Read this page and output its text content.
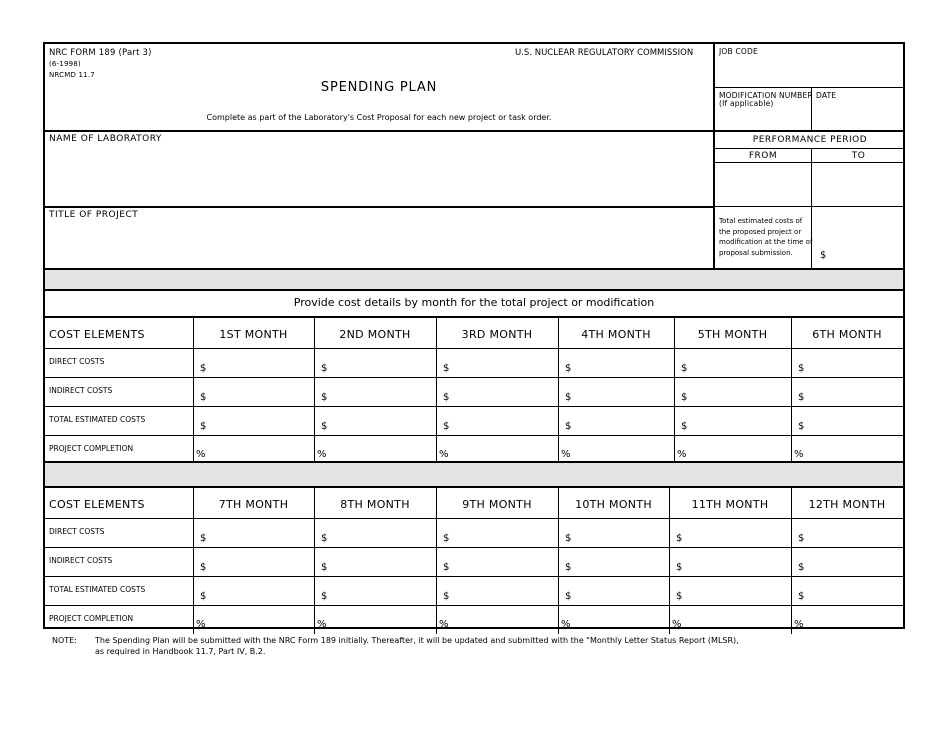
NRC FORM 189 (Part 3)
(6-1998)
NRCMD 11.7
U.S. NUCLEAR REGULATORY COMMISSION
SPENDING PLAN
Complete as part of the Laboratory's Cost Proposal for each new project or task order.
JOB CODE
MODIFICATION NUMBER
(If applicable)
DATE
NAME OF LABORATORY
TITLE OF PROJECT
PERFORMANCE PERIOD
FROM	TO
Total estimated costs of
the proposed project or
modification at the time of
proposal submission.	$
Provide cost details by month for the total project or modification
COST ELEMENTS	1ST MONTH	2ND MONTH	3RD MONTH	4TH MONTH	5TH MONTH	6TH MONTH
DIRECT COSTS
$	$	$	$	$	$
INDIRECT COSTS
$	$	$	$	$	$
TOTAL ESTIMATED COSTS
$	$	$	$	$	$
PROJECT COMPLETION
%	%	%	%	%	%
COST ELEMENTS	7TH MONTH	8TH MONTH	9TH MONTH	10TH MONTH	11TH MONTH	12TH MONTH
DIRECT COSTS
$	$	$	$	$	$
INDIRECT COSTS
$	$	$	$	$	$
TOTAL ESTIMATED COSTS
$	$	$	$	$	$
PROJECT COMPLETION
%	%	%	%	%	%
NOTE: The Spending Plan will be submitted with the NRC Form 189 initially. Thereafter, it will be updated and submitted with the "Monthly Letter Status Report (MLSR),
as required in Handbook 11.7, Part IV, B.2.
